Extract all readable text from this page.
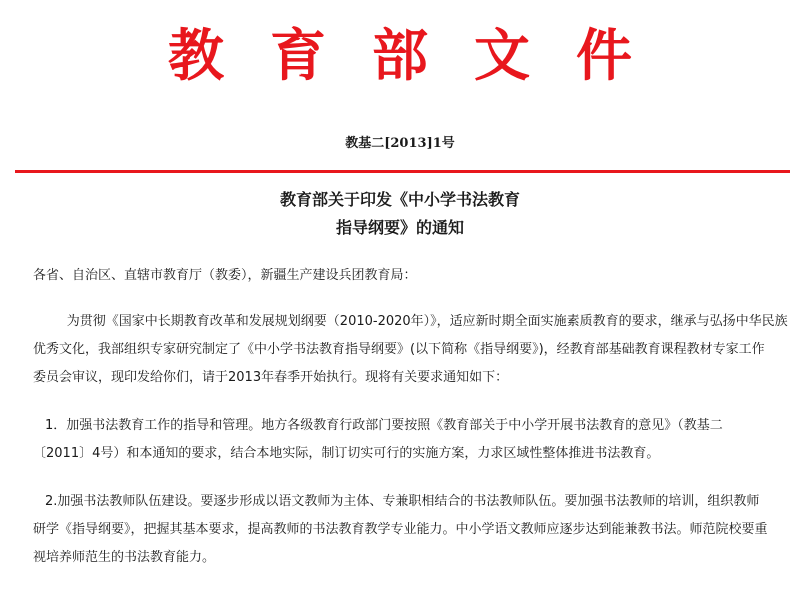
教育部文件
教基二[2013]1号
教育部关于印发《中小学书法教育
指导纲要》的通知

各省、自治区、直辖市教育厅（教委），新疆生产建设兵团教育局：

为贯彻《国家中长期教育改革和发展规划纲要（2010-2020年）》，适应新时期全面实施素质教育的要求，继承与弘扬中华民族

优秀文化，我部组织专家研究制定了《中小学书法教育指导纲要》(以下简称《指导纲要》)，经教育部基础教育课程教材专家工作

委员会审议，现印发给你们，请于2013年春季开始执行。现将有关要求通知如下：

1．加强书法教育工作的指导和管理。地方各级教育行政部门要按照《教育部关于中小学开展书法教育的意见》（教基二

〔2011〕4号）和本通知的要求，结合本地实际，制订切实可行的实施方案，力求区域性整体推进书法教育。

2.加强书法教师队伍建设。要逐步形成以语文教师为主体、专兼职相结合的书法教师队伍。要加强书法教师的培训，组织教师

研学《指导纲要》，把握其基本要求，提高教师的书法教育教学专业能力。中小学语文教师应逐步达到能兼教书法。师范院校要重

视培养师范生的书法教育能力。
